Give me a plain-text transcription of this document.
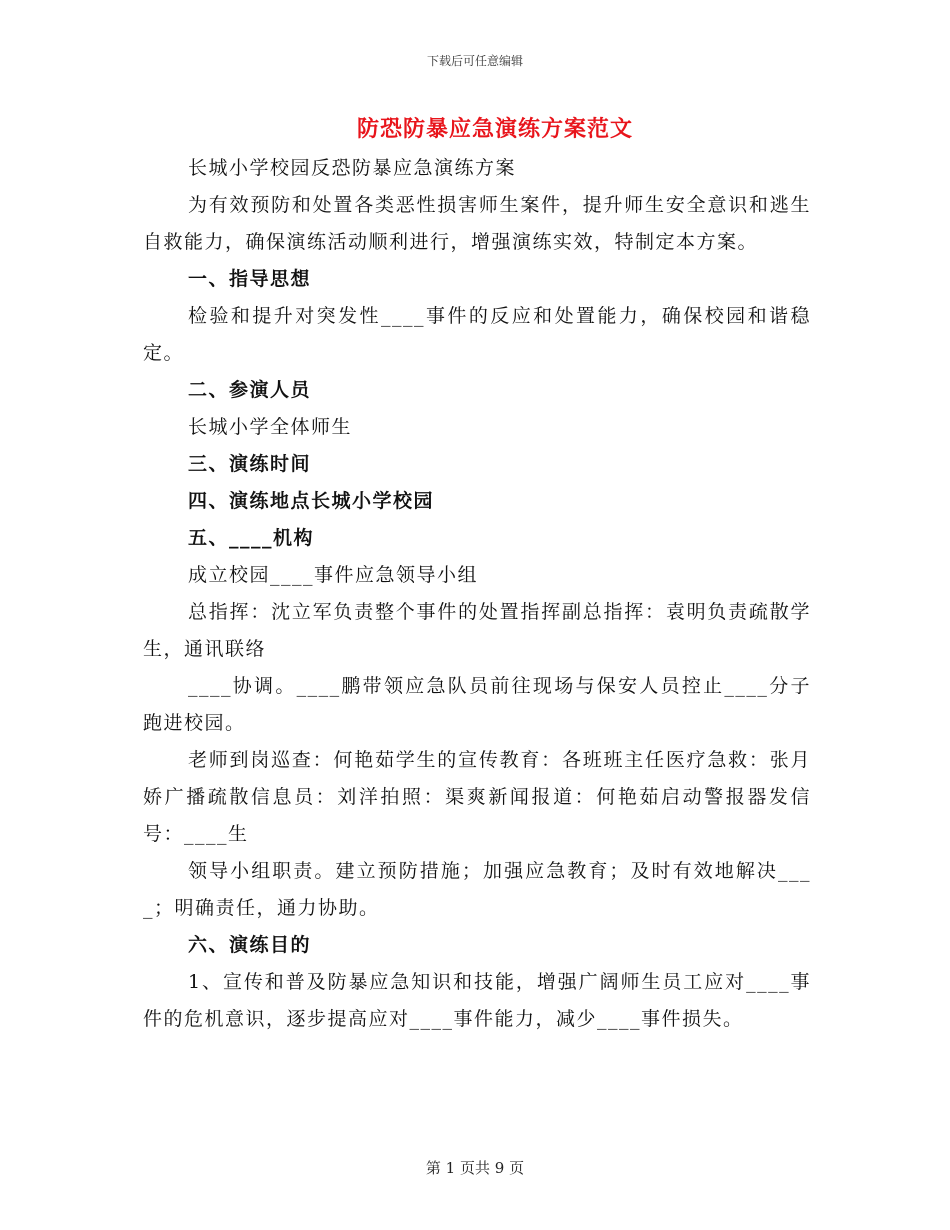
下载后可任意编辑
防恐防暴应急演练方案范文

长城小学校园反恐防暴应急演练方案

为有效预防和处置各类恶性损害师生案件，提升师生安全意识和逃生自救能力，确保演练活动顺利进行，增强演练实效，特制定本方案。

一、指导思想

检验和提升对突发性____事件的反应和处置能力，确保校园和谐稳定。

二、参演人员

长城小学全体师生

三、演练时间

四、演练地点长城小学校园

五、____机构

成立校园____事件应急领导小组

总指挥：沈立军负责整个事件的处置指挥副总指挥：袁明负责疏散学生，通讯联络

____协调。____鹏带领应急队员前往现场与保安人员控止____分子跑进校园。

老师到岗巡查：何艳茹学生的宣传教育：各班班主任医疗急救：张月娇广播疏散信息员：刘洋拍照：渠爽新闻报道：何艳茹启动警报器发信号：____生

领导小组职责。建立预防措施；加强应急教育；及时有效地解决____；明确责任，通力协助。

六、演练目的

1、宣传和普及防暴应急知识和技能，增强广阔师生员工应对____事件的危机意识，逐步提高应对____事件能力，减少____事件损失。

第 1 页共 9 页
